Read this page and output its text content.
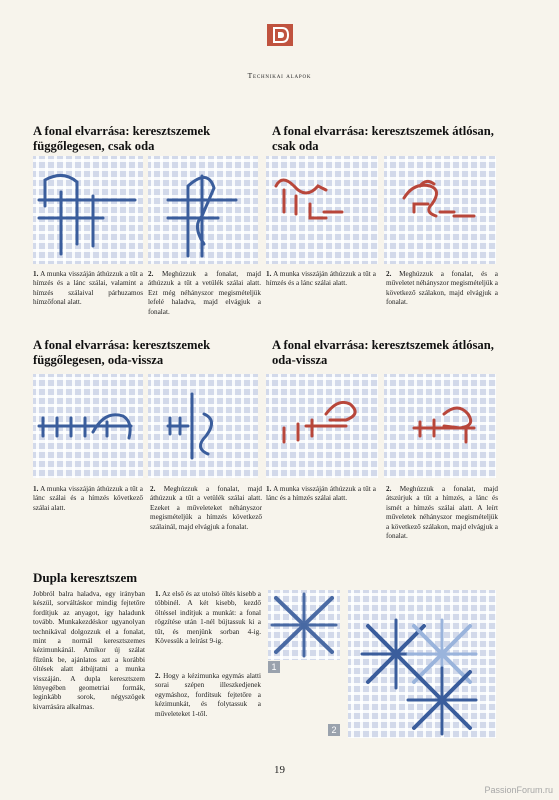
Technikai alapok
A fonal elvarrása: keresztszemek függőlegesen, csak oda
A fonal elvarrása: keresztszemek átlósan, csak oda
A fonal elvarrása: keresztszemek függőlegesen, oda-vissza
A fonal elvarrása: keresztszemek átlósan, oda-vissza
Dupla keresztszem
1. A munka visszáján áthúzzuk a tűt a hímzés és a lánc szálai, valamint a hímzés szálaival párhuzamos hímzőfonal alatt.
2. Meghúzzuk a fonalat, majd áthúzzuk a tűt a vetülék szálai alatt. Ezt még néhányszor megismételjük lefelé haladva, majd elvágjuk a fonalat.
1. A munka visszáján áthúzzuk a tűt a hímzés és a lánc szálai alatt.
2. Meghúzzuk a fonalat, és a műveletet néhányszor megismételjük a következő szálakon, majd elvágjuk a fonalat.
1. A munka visszáján áthúzzuk a tűt a lánc szálai és a hímzés következő szálai alatt.
2. Meghúzzuk a fonalat, majd áthúzzuk a tűt a vetülék szálai alatt. Ezeket a műveleteket néhányszor megismételjük a hímzés következő szálainál, majd elvágjuk a fonalat.
1. A munka visszáján áthúzzuk a tűt a lánc és a hímzés szálai alatt.
2. Meghúzzuk a fonalat, majd átszúrjuk a tűt a hímzés, a lánc és ismét a hímzés szálai alatt. A leírt műveletek néhányszor megismételjük a következő szálakon, majd elvágjuk a fonalat.
Jobbról balra haladva, egy irányban készül, sorváltáskor mindig fejtetőre fordítjuk az anyagot, így haladunk tovább. Munkakezdéskor ugyanolyan technikával dolgozzuk el a fonalat, mint a normál keresztszemes kézimunkánál. Amikor új szálat fűzünk be, ajánlatos azt a korábbi öltések alatt átbújtatni a munka visszáján. A dupla keresztszem lényegében geometriai formák, leginkább sorok, négyszögek kivarrására alkalmas.
1. Az első és az utolsó öltés kisebb a többinél. A két kisebb, kezdő öltéssel indítjuk a munkát: a fonal rögzítése után 1-nél bújtassuk ki a tűt, és menjünk sorban 4-ig. Kövessük a leírást 9-ig.
2. Hogy a kézimunka egymás alatti sorai szépen illeszkedjenek egymáshoz, fordítsuk fejtetőre a kézimunkát, és folytassuk a műveleteket 1-től.
1
2
19
PassionForum.ru
